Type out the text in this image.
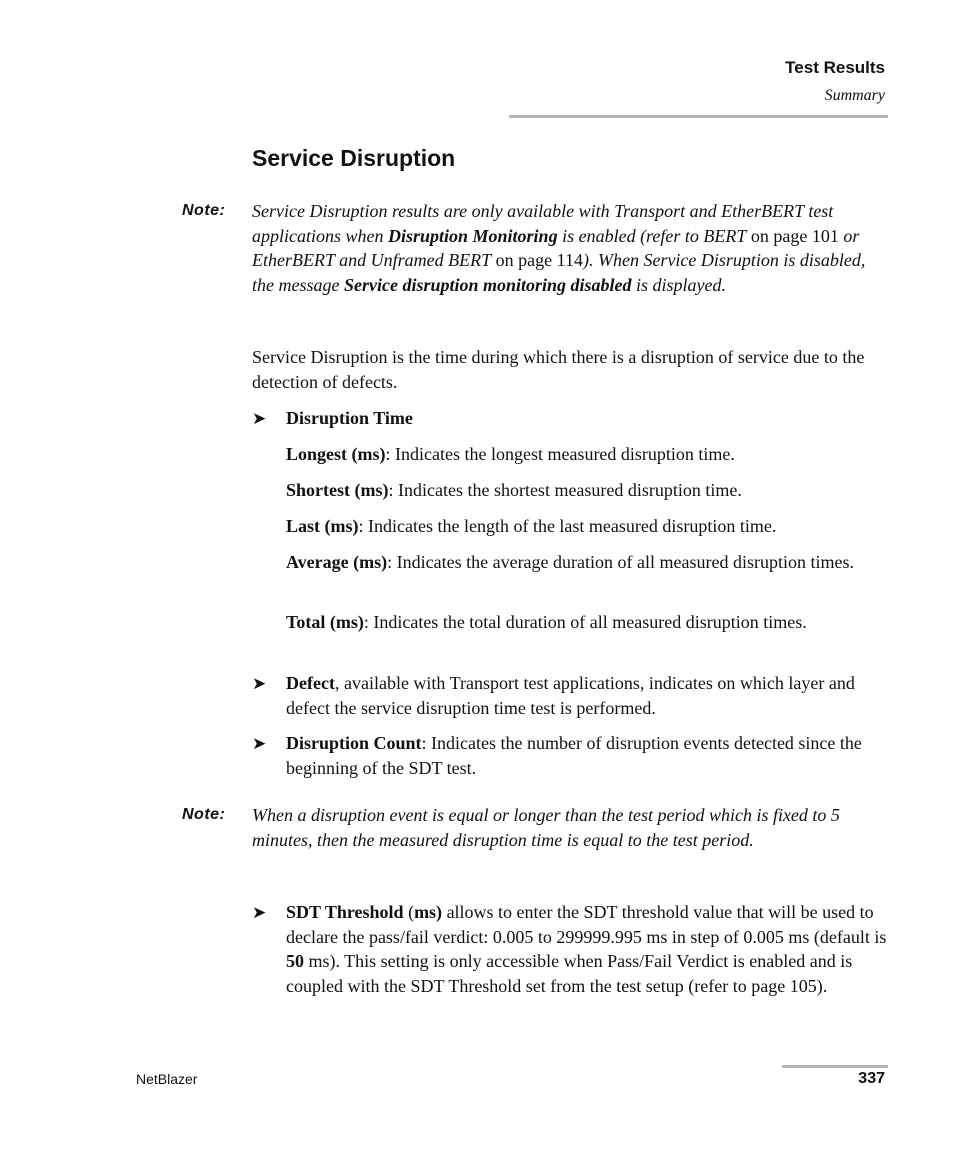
Test Results
Summary
Service Disruption
Note: Service Disruption results are only available with Transport and EtherBERT test applications when Disruption Monitoring is enabled (refer to BERT on page 101 or EtherBERT and Unframed BERT on page 114). When Service Disruption is disabled, the message Service disruption monitoring disabled is displayed.
Service Disruption is the time during which there is a disruption of service due to the detection of defects.
➤ Disruption Time
Longest (ms): Indicates the longest measured disruption time.
Shortest (ms): Indicates the shortest measured disruption time.
Last (ms): Indicates the length of the last measured disruption time.
Average (ms): Indicates the average duration of all measured disruption times.
Total (ms): Indicates the total duration of all measured disruption times.
➤ Defect, available with Transport test applications, indicates on which layer and defect the service disruption time test is performed.
➤ Disruption Count: Indicates the number of disruption events detected since the beginning of the SDT test.
Note: When a disruption event is equal or longer than the test period which is fixed to 5 minutes, then the measured disruption time is equal to the test period.
➤ SDT Threshold (ms) allows to enter the SDT threshold value that will be used to declare the pass/fail verdict: 0.005 to 299999.995 ms in step of 0.005 ms (default is 50 ms). This setting is only accessible when Pass/Fail Verdict is enabled and is coupled with the SDT Threshold set from the test setup (refer to page 105).
NetBlazer	337
